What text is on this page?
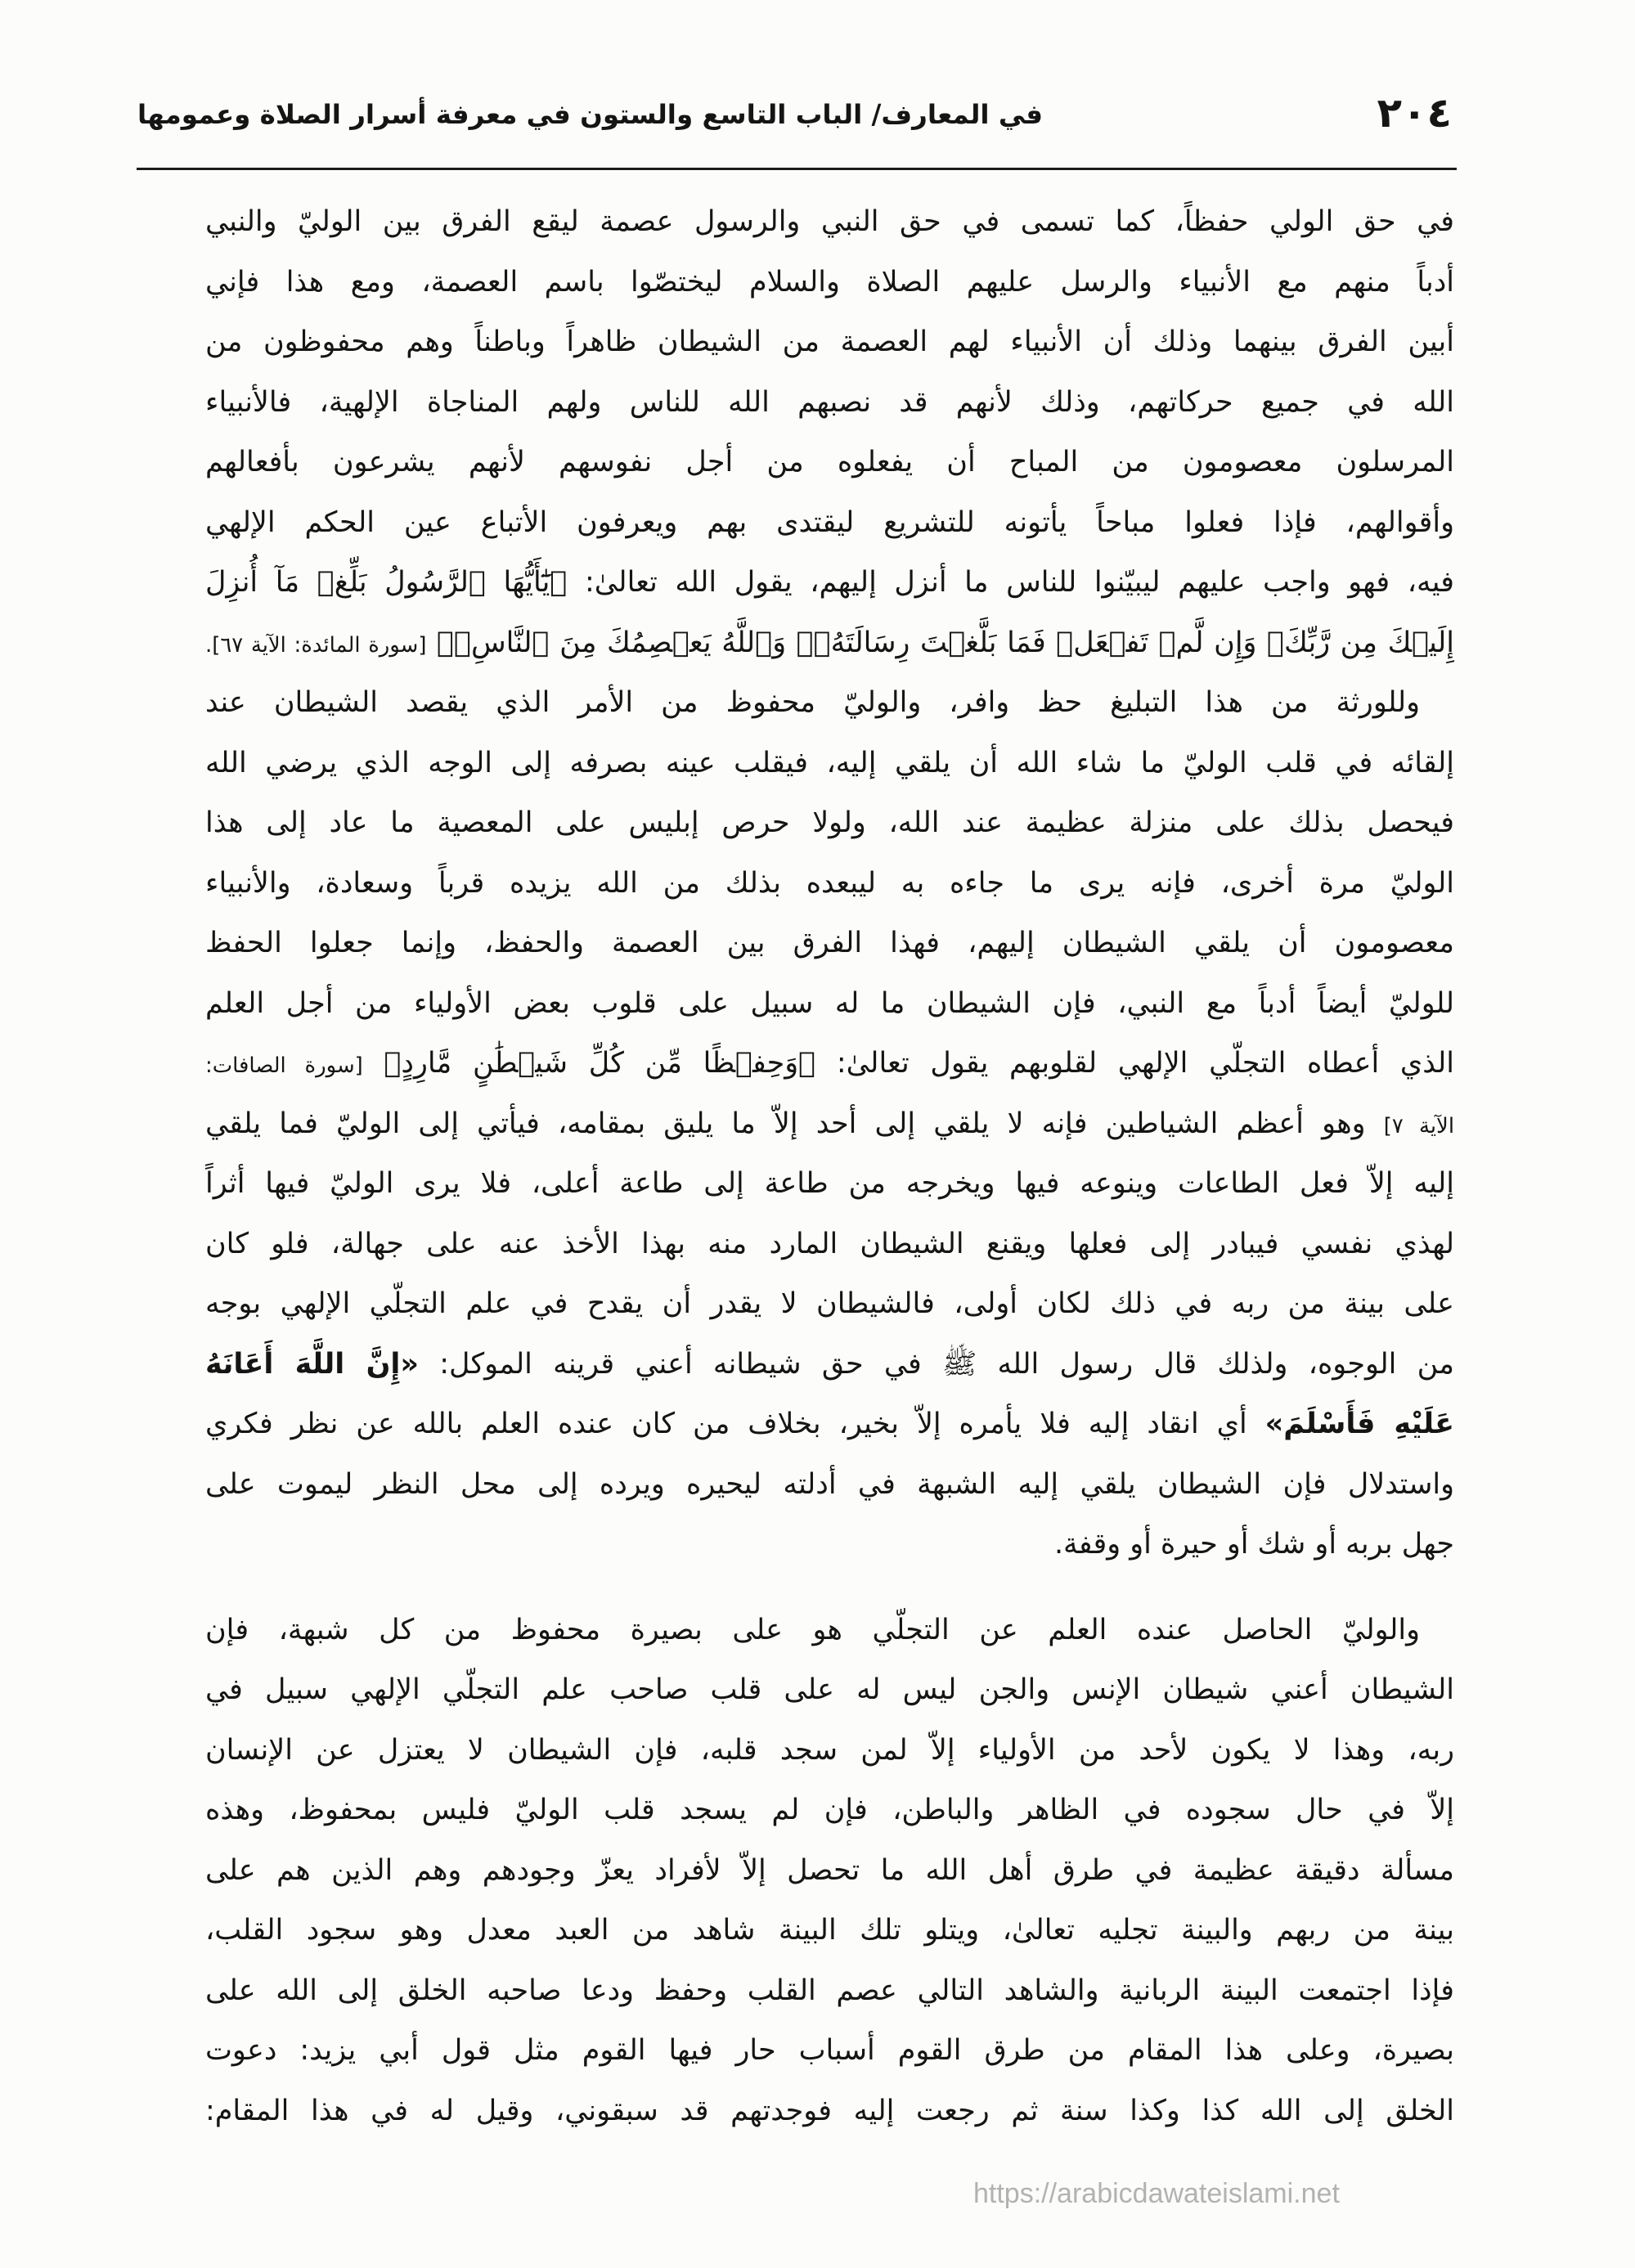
٢٠٤
في المعارف/ الباب التاسع والستون في معرفة أسرار الصلاة وعمومها
في حق الولي حفظاً، كما تسمى في حق النبي والرسول عصمة ليقع الفرق بين الوليّ والنبي
أدباً منهم مع الأنبياء والرسل عليهم الصلاة والسلام ليختصّوا باسم العصمة، ومع هذا فإني
أبين الفرق بينهما وذلك أن الأنبياء لهم العصمة من الشيطان ظاهراً وباطناً وهم محفوظون من
الله في جميع حركاتهم، وذلك لأنهم قد نصبهم الله للناس ولهم المناجاة الإلهية، فالأنبياء
المرسلون معصومون من المباح أن يفعلوه من أجل نفوسهم لأنهم يشرعون بأفعالهم
وأقوالهم، فإذا فعلوا مباحاً يأتونه للتشريع ليقتدى بهم ويعرفون الأتباع عين الحكم الإلهي
فيه، فهو واجب عليهم ليبيّنوا للناس ما أنزل إليهم، يقول الله تعالىٰ: ﴿يَٰٓأَيُّهَا ٱلرَّسُولُ بَلِّغۡ مَآ أُنزِلَ
إِلَيۡكَ مِن رَّبِّكَۖ وَإِن لَّمۡ تَفۡعَلۡ فَمَا بَلَّغۡتَ رِسَالَتَهُۥۚ وَٱللَّهُ يَعۡصِمُكَ مِنَ ٱلنَّاسِۗ﴾ [سورة المائدة: الآية ٦٧].
وللورثة من هذا التبليغ حظ وافر، والوليّ محفوظ من الأمر الذي يقصد الشيطان عند
إلقائه في قلب الوليّ ما شاء الله أن يلقي إليه، فيقلب عينه بصرفه إلى الوجه الذي يرضي الله
فيحصل بذلك على منزلة عظيمة عند الله، ولولا حرص إبليس على المعصية ما عاد إلى هذا
الوليّ مرة أخرى، فإنه يرى ما جاءه به ليبعده بذلك من الله يزيده قرباً وسعادة، والأنبياء
معصومون أن يلقي الشيطان إليهم، فهذا الفرق بين العصمة والحفظ، وإنما جعلوا الحفظ
للوليّ أيضاً أدباً مع النبي، فإن الشيطان ما له سبيل على قلوب بعض الأولياء من أجل العلم
الذي أعطاه التجلّي الإلهي لقلوبهم يقول تعالىٰ: ﴿وَحِفۡظًا مِّن كُلِّ شَيۡطَٰنٍ مَّارِدٍ﴾ [سورة الصافات:
الآية ٧] وهو أعظم الشياطين فإنه لا يلقي إلى أحد إلاّ ما يليق بمقامه، فيأتي إلى الوليّ فما يلقي
إليه إلاّ فعل الطاعات وينوعه فيها ويخرجه من طاعة إلى طاعة أعلى، فلا يرى الوليّ فيها أثراً
لهذي نفسي فيبادر إلى فعلها ويقنع الشيطان المارد منه بهذا الأخذ عنه على جهالة، فلو كان
على بينة من ربه في ذلك لكان أولى، فالشيطان لا يقدر أن يقدح في علم التجلّي الإلهي بوجه
من الوجوه، ولذلك قال رسول الله ﷺ في حق شيطانه أعني قرينه الموكل: «إِنَّ اللَّهَ أَعَانَهُ
عَلَيْهِ فَأَسْلَمَ» أي انقاد إليه فلا يأمره إلاّ بخير، بخلاف من كان عنده العلم بالله عن نظر فكري
واستدلال فإن الشيطان يلقي إليه الشبهة في أدلته ليحيره ويرده إلى محل النظر ليموت على
جهل بربه أو شك أو حيرة أو وقفة.
والوليّ الحاصل عنده العلم عن التجلّي هو على بصيرة محفوظ من كل شبهة، فإن
الشيطان أعني شيطان الإنس والجن ليس له على قلب صاحب علم التجلّي الإلهي سبيل في
ربه، وهذا لا يكون لأحد من الأولياء إلاّ لمن سجد قلبه، فإن الشيطان لا يعتزل عن الإنسان
إلاّ في حال سجوده في الظاهر والباطن، فإن لم يسجد قلب الوليّ فليس بمحفوظ، وهذه
مسألة دقيقة عظيمة في طرق أهل الله ما تحصل إلاّ لأفراد يعزّ وجودهم وهم الذين هم على
بينة من ربهم والبينة تجليه تعالىٰ، ويتلو تلك البينة شاهد من العبد معدل وهو سجود القلب،
فإذا اجتمعت البينة الربانية والشاهد التالي عصم القلب وحفظ ودعا صاحبه الخلق إلى الله على
بصيرة، وعلى هذا المقام من طرق القوم أسباب حار فيها القوم مثل قول أبي يزيد: دعوت
الخلق إلى الله كذا وكذا سنة ثم رجعت إليه فوجدتهم قد سبقوني، وقيل له في هذا المقام:
https://arabicdawateislami.net
